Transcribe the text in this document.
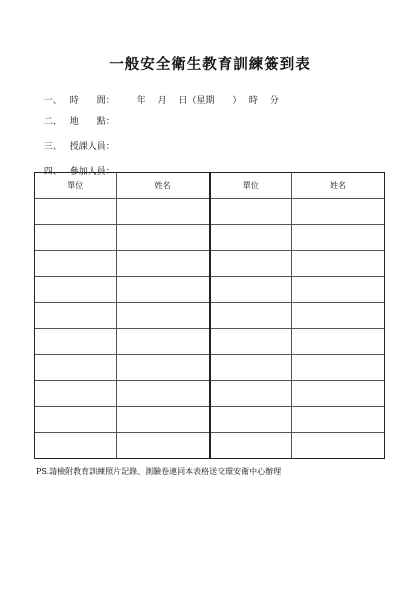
一般安全衛生教育訓練簽到表

一、 時　　間： 年　 月　 日（星期　　）　 時　 分

二、 地　　點：

三、 授課人員：

四、 參加人員：

單位	姓名	單位	姓名
PS.請檢附教育訓練照片記錄、測驗卷連同本表格送交環安衛中心辦理
